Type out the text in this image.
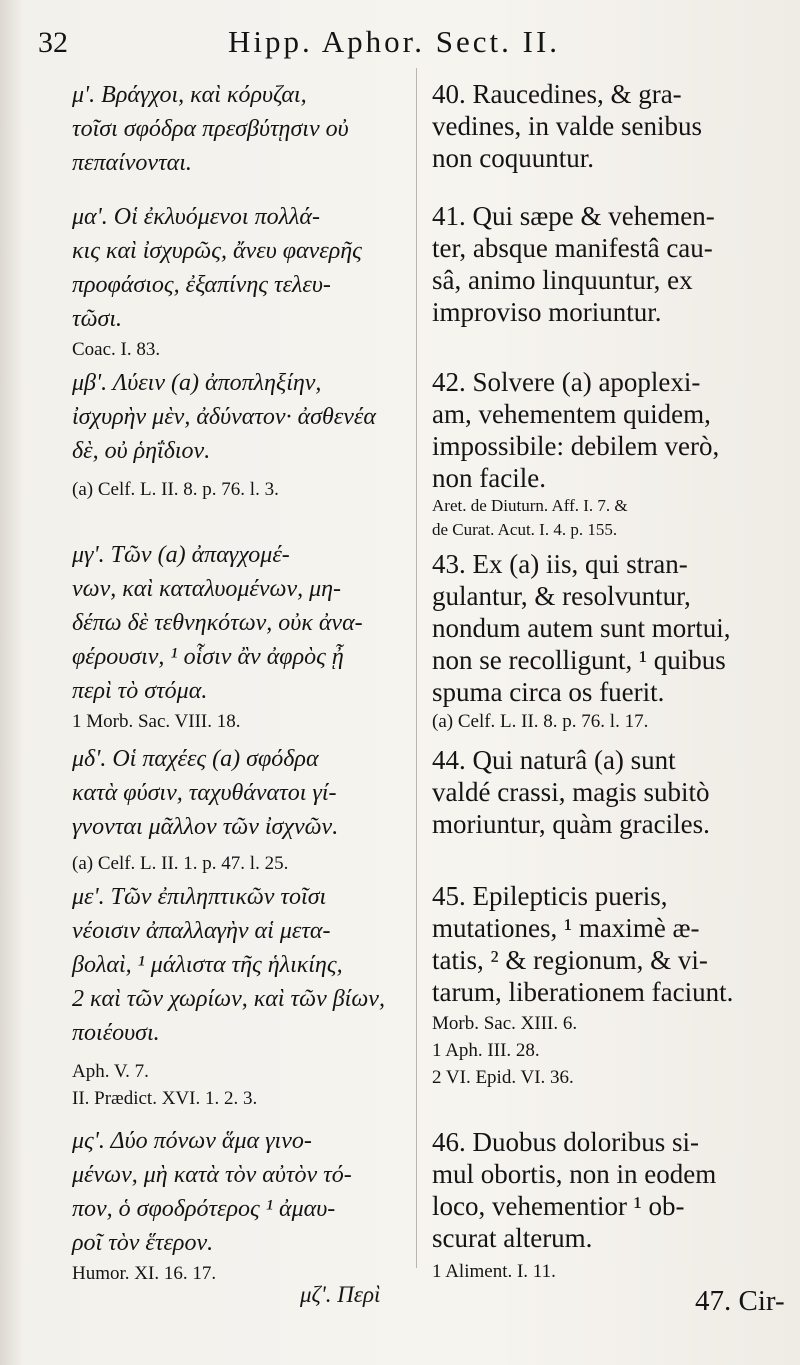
32	Hipp. Aphor. Sect. II.
μ'. Βράγχοι, καὶ κόρυζαι,
τοῖσι σφόδρα πρεσβύτῃσιν οὐ
πεπαίνονται.
μα'. Οἱ ἐκλυόμενοι πολλά-
κις καὶ ἰσχυρῶς, ἄνευ φανερῆς
προφάσιος, ἐξαπίνης τελευ-
τῶσι.
Coac. I. 83.
μβ'. Λύειν (a) ἀποπληξίην,
ἰσχυρὴν μὲν, ἀδύνατον· ἀσθενέα
δὲ, οὐ ῥηΐδιον.
(a) Celf. L. II. 8. p. 76. l. 3.
μγ'. Τῶν (a) ἀπαγχομέ-
νων, καὶ καταλυομένων, μη-
δέπω δὲ τεθνηκότων, οὐκ ἀνα-
φέρουσιν, ¹ οἷσιν ἂν ἀφρὸς ᾖ
περὶ τὸ στόμα.
1 Morb. Sac. VIII. 18.
μδ'. Οἱ παχέες (a) σφόδρα
κατὰ φύσιν, ταχυθάνατοι γί-
γνονται μᾶλλον τῶν ἰσχνῶν.
(a) Celf. L. II. 1. p. 47. l. 25.
με'. Τῶν ἐπιληπτικῶν τοῖσι
νέοισιν ἀπαλλαγὴν αἱ μετα-
βολαὶ, ¹ μάλιστα τῆς ἡλικίης,
2 καὶ τῶν χωρίων, καὶ τῶν βίων,
ποιέουσι.
Aph. V. 7.
II. Prædict. XVI. 1. 2. 3.
μς'. Δύο πόνων ἅμα γινο-
μένων, μὴ κατὰ τὸν αὐτὸν τό-
πον, ὁ σφοδρότερος ¹ ἀμαυ-
ροῖ τὸν ἕτερον.
Humor. XI. 16. 17.
40. Raucedines, & gra-
vedines, in valde senibus
non coquuntur.
41. Qui sæpe & vehemen-
ter, absque manifestâ cau-
sâ, animo linquuntur, ex
improviso moriuntur.
42. Solvere (a) apoplexi-
am, vehementem quidem,
impossibile: debilem verò,
non facile.
Aret. de Diuturn. Aff. I. 7. &
de Curat. Acut. I. 4. p. 155.
43. Ex (a) iis, qui stran-
gulantur, & resolvuntur,
nondum autem sunt mortui,
non se recolligunt, ¹ quibus
spuma circa os fuerit.
(a) Celf. L. II. 8. p. 76. l. 17.
44. Qui naturâ (a) sunt
valdé crassi, magis subitò
moriuntur, quàm graciles.
45. Epilepticis pueris,
mutationes, ¹ maximè æ-
tatis, ² & regionum, & vi-
tarum, liberationem faciunt.
Morb. Sac. XIII. 6.
1 Aph. III. 28.
2 VI. Epid. VI. 36.
46. Duobus doloribus si-
mul obortis, non in eodem
loco, vehementior ¹ ob-
scurat alterum.
1 Aliment. I. 11.
μζ'. Περὶ	47. Cir-
